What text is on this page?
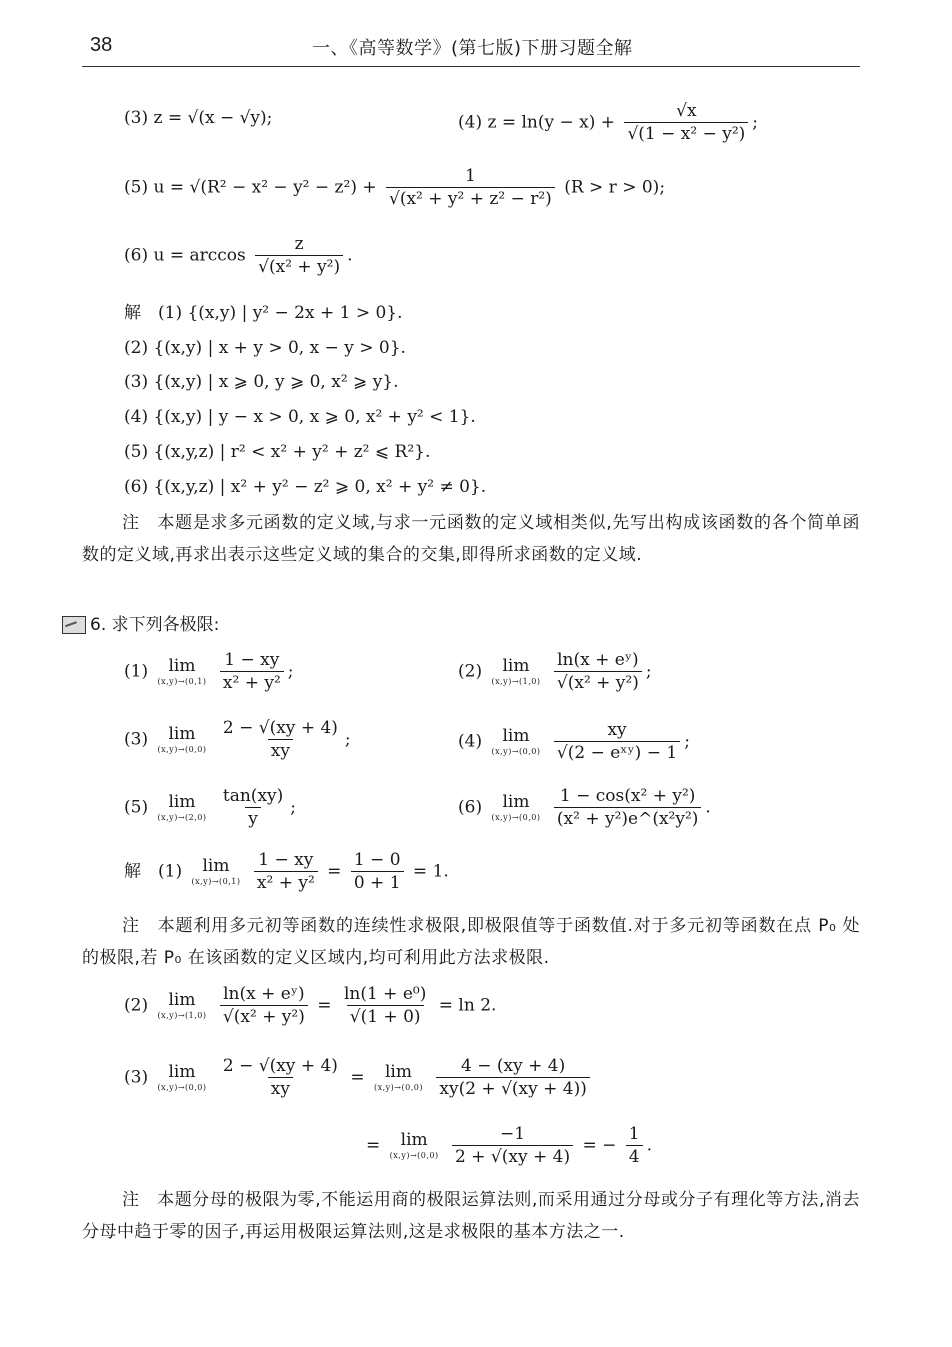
38	一、《高等数学》(第七版)下册习题全解
(3) z = √(x − √y);	(4) $z = \ln(y - x) + \frac{√x}{\text{√(1 − x² − y²)}}$ ;
(5) $u = √(R^2 - x^2 - y^2 - z^2) + \frac{1}{\text{√(x² + y² + z² − r²)}} (R > r > 0)$;
(6) $u = \arccos \frac{z}{\text{√(x² + y²)}}$ .
解　(1) {(x,y) | y² − 2x + 1 > 0}.
(2) {(x,y) | x + y > 0, x − y > 0}.
(3) {(x,y) | x ⩾ 0, y ⩾ 0, x² ⩾ y}.
(4) {(x,y) | y − x > 0, x ⩾ 0, x² + y² < 1}.
(5) {(x,y,z) | r² < x² + y² + z² ⩽ R²}.
(6) {(x,y,z) | x² + y² − z² ⩾ 0, x² + y² ≠ 0}.
注　本题是求多元函数的定义域,与求一元函数的定义域相类似,先写出构成该函数的各个简单函数的定义域,再求出表示这些定义域的集合的交集,即得所求函数的定义域.
6. 求下列各极限:
(1) lim
(x,y)→(0,1)
$\frac{1 - xy}{\text{x² + y²}}$ ;	(2) lim
(x,y)→(1,0)
$\frac{\text{ln(x + eʸ)}}{\text{√(x² + y²)}}$ ;
(3) lim
(x,y)→(0,0)
$\frac{2 - √(xy + 4)}{xy}$ ;	(4) lim
(x,y)→(0,0)
$\frac{xy}{\text{√(2 − eˣʸ) − 1}}$ ;
(5) lim
(x,y)→(2,0)
$\frac{\tan(xy)}{y}$ ;	(6) lim
(x,y)→(0,0)
$\frac{\text{1 − cos(x² + y²)}}{\text{(x² + y²)e\textasciicircum{}(x²y²)}}$ .
解　(1) lim
(x,y)→(0,1)
$\frac{1 - xy}{\text{x² + y²}} = \frac{1 - 0}{0 + 1} = 1$.
注　本题利用多元初等函数的连续性求极限,即极限值等于函数值.对于多元初等函数在点 P₀ 处的极限,若 P₀ 在该函数的定义区域内,均可利用此方法求极限.
(2) lim
(x,y)→(1,0)
$\frac{\text{ln(x + eʸ)}}{\text{√(x² + y²)}} = \frac{\text{ln(1 + e⁰)}}{√(1 + 0)} = \ln 2$.
(3) lim
(x,y)→(0,0)
$\frac{2 - √(xy + 4)}{xy} = \lim$
(x,y)→(0,0)
$\frac{4 - (xy + 4)}{xy(2 + √(xy + 4))}$
= lim
(x,y)→(0,0)
$\frac{-1}{2 + √(xy + 4)}$ = − $\frac{1}{4}$ .
注　本题分母的极限为零,不能运用商的极限运算法则,而采用通过分母或分子有理化等方法,消去分母中趋于零的因子,再运用极限运算法则,这是求极限的基本方法之一.
